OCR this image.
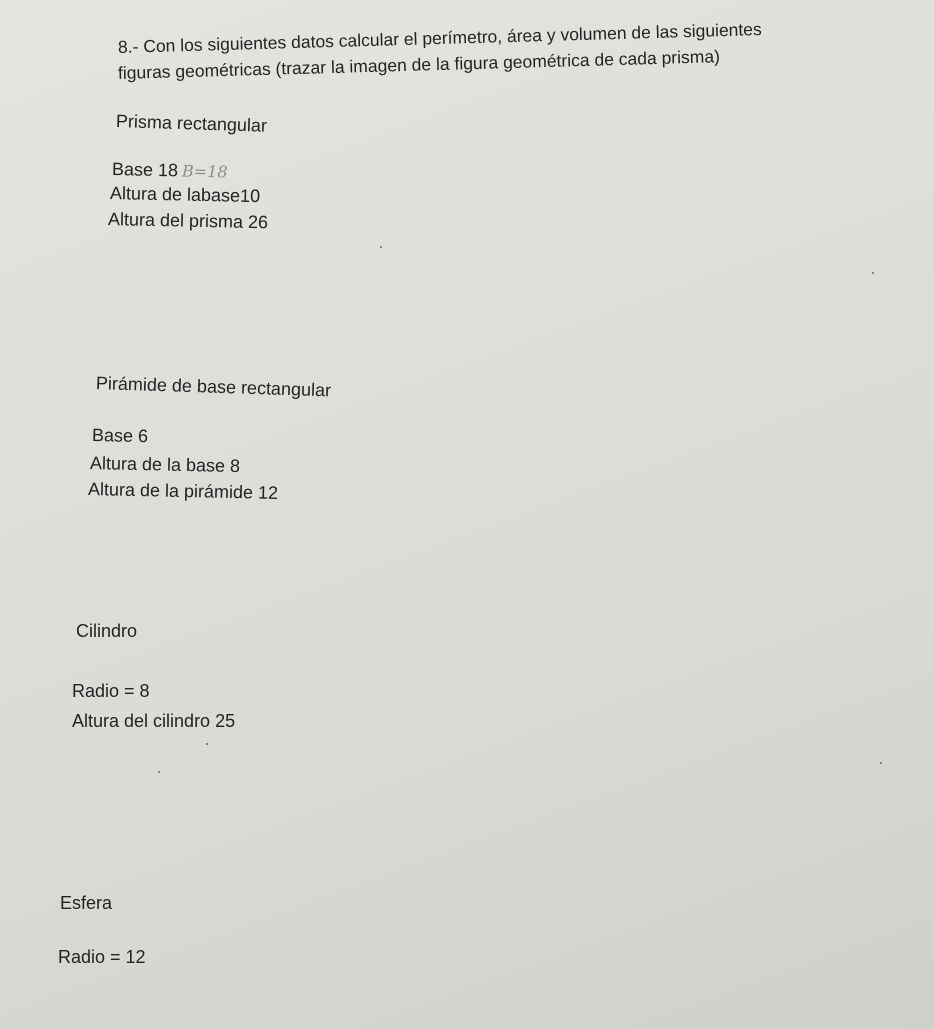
8.- Con los siguientes datos calcular el perímetro, área y volumen de las siguientes
figuras geométricas (trazar la imagen de la figura geométrica de cada prisma)
Prisma rectangular
Base 18 B=18
Altura de labase10
Altura del prisma 26
Pirámide de base rectangular
Base 6
Altura de la base 8
Altura de la pirámide 12
Cilindro
Radio = 8
Altura del cilindro 25
Esfera
Radio = 12
